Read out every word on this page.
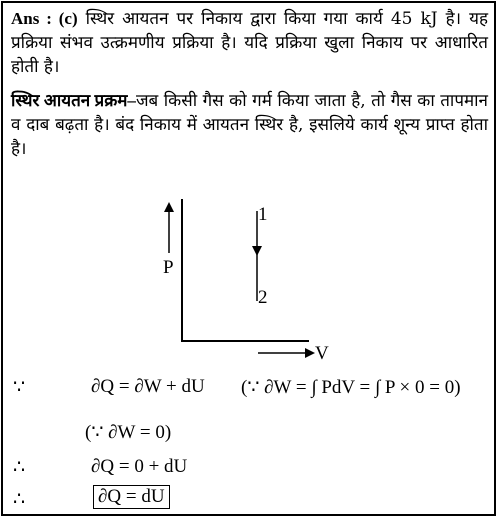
Ans : (c) स्थिर आयतन पर निकाय द्वारा किया गया कार्य 45 kJ है। यह प्रक्रिया संभव उत्क्रमणीय प्रक्रिया है। यदि प्रक्रिया खुला निकाय पर आधारित होती है।
स्थिर आयतन प्रक्रम–जब किसी गैस को गर्म किया जाता है, तो गैस का तापमान व दाब बढ़ता है। बंद निकाय में आयतन स्थिर है, इसलिये कार्य शून्य प्राप्त होता है।
P
V
1
2
∵	∂Q = ∂W + dU (∵ ∂W = ∫ PdV = ∫ P × 0 = 0)
(∵ ∂W = 0)
∴	∂Q = 0 + dU
∴	∂Q = dU
